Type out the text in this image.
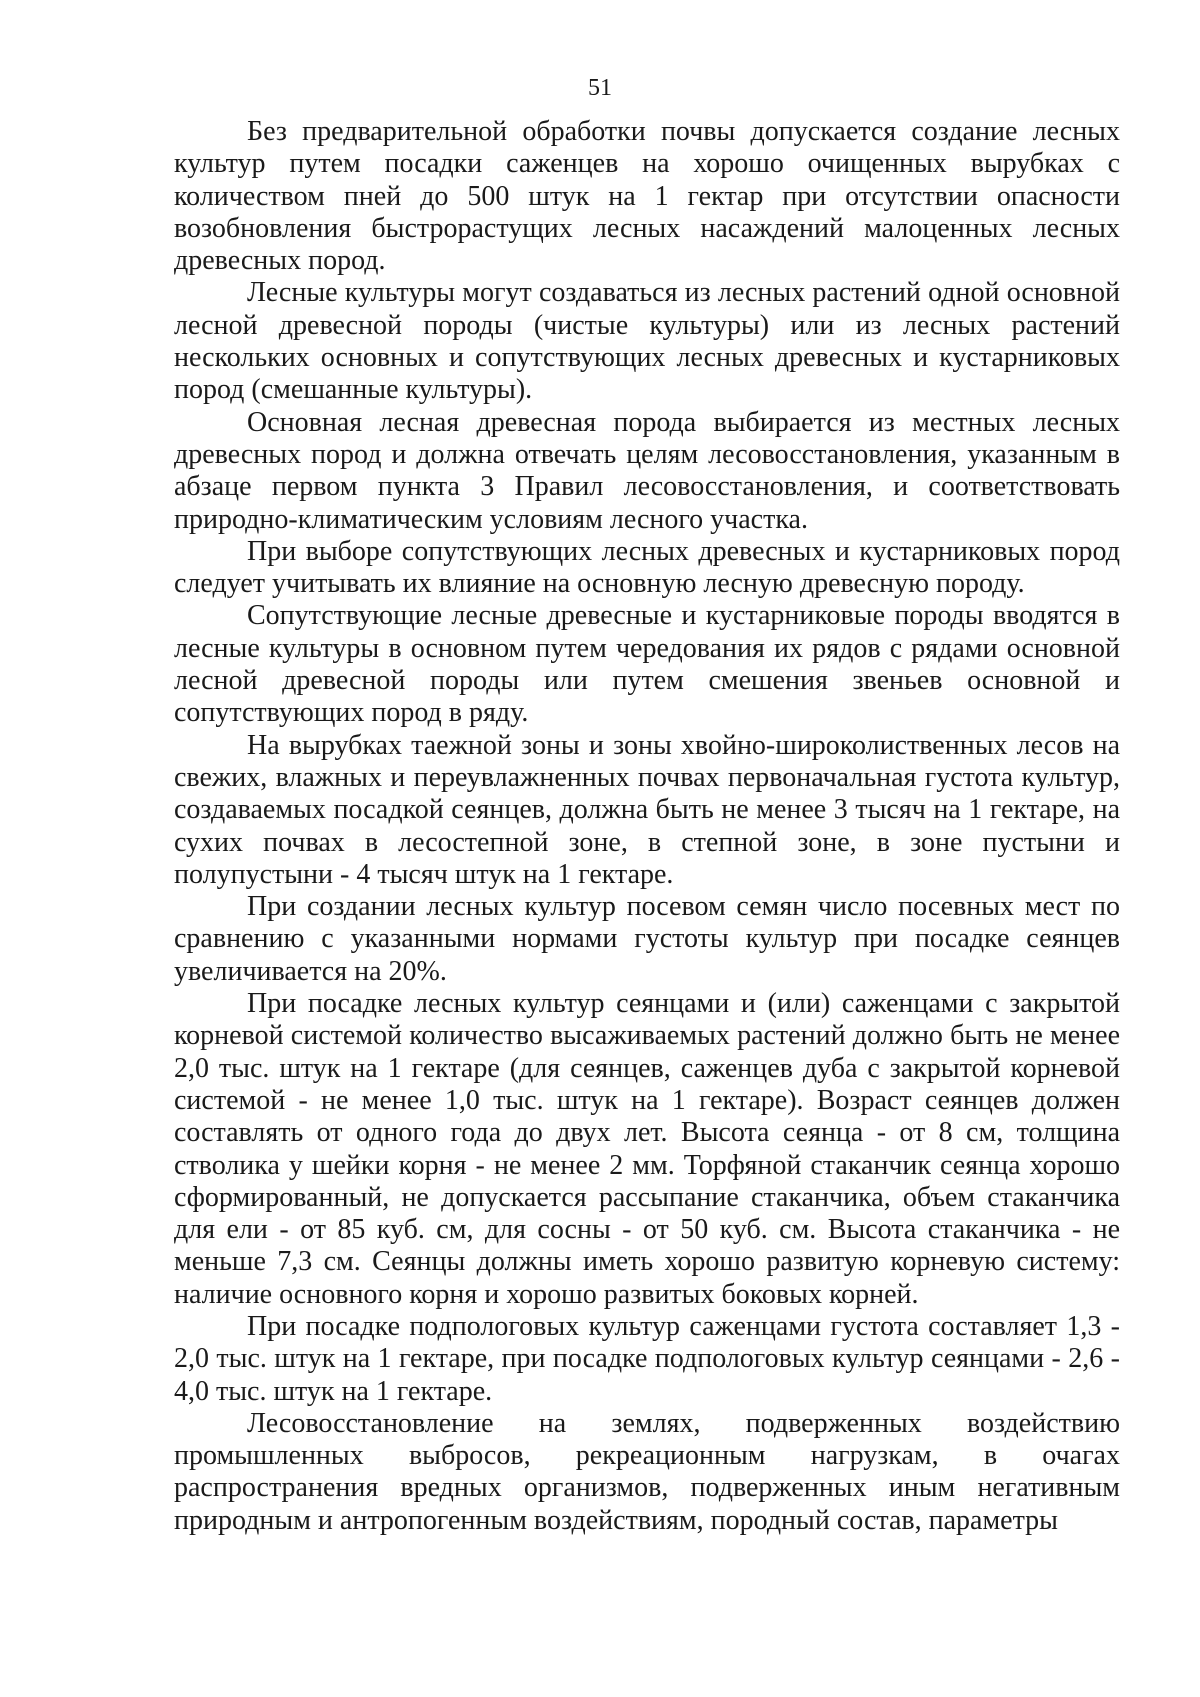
51

Без предварительной обработки почвы допускается создание лесных культур путем посадки саженцев на хорошо очищенных вырубках с количеством пней до 500 штук на 1 гектар при отсутствии опасности возобновления быстрорастущих лесных насаждений малоценных лесных древесных пород.

Лесные культуры могут создаваться из лесных растений одной основной лесной древесной породы (чистые культуры) или из лесных растений нескольких основных и сопутствующих лесных древесных и кустарниковых пород (смешанные культуры).

Основная лесная древесная порода выбирается из местных лесных древесных пород и должна отвечать целям лесовосстановления, указанным в абзаце первом пункта 3 Правил лесовосстановления, и соответствовать природно-климатическим условиям лесного участка.

При выборе сопутствующих лесных древесных и кустарниковых пород следует учитывать их влияние на основную лесную древесную породу.

Сопутствующие лесные древесные и кустарниковые породы вводятся в лесные культуры в основном путем чередования их рядов с рядами основной лесной древесной породы или путем смешения звеньев основной и сопутствующих пород в ряду.

На вырубках таежной зоны и зоны хвойно-широколиственных лесов на свежих, влажных и переувлажненных почвах первоначальная густота культур, создаваемых посадкой сеянцев, должна быть не менее 3 тысяч на 1 гектаре, на сухих почвах в лесостепной зоне, в степной зоне, в зоне пустыни и полупустыни - 4 тысяч штук на 1 гектаре.

При создании лесных культур посевом семян число посевных мест по сравнению с указанными нормами густоты культур при посадке сеянцев увеличивается на 20%.

При посадке лесных культур сеянцами и (или) саженцами с закрытой корневой системой количество высаживаемых растений должно быть не менее 2,0 тыс. штук на 1 гектаре (для сеянцев, саженцев дуба с закрытой корневой системой - не менее 1,0 тыс. штук на 1 гектаре). Возраст сеянцев должен составлять от одного года до двух лет. Высота сеянца - от 8 см, толщина стволика у шейки корня - не менее 2 мм. Торфяной стаканчик сеянца хорошо сформированный, не допускается рассыпание стаканчика, объем стаканчика для ели - от 85 куб. см, для сосны - от 50 куб. см. Высота стаканчика - не меньше 7,3 см. Сеянцы должны иметь хорошо развитую корневую систему: наличие основного корня и хорошо развитых боковых корней.

При посадке подпологовых культур саженцами густота составляет 1,3 - 2,0 тыс. штук на 1 гектаре, при посадке подпологовых культур сеянцами - 2,6 - 4,0 тыс. штук на 1 гектаре.

Лесовосстановление на землях, подверженных воздействию промышленных выбросов, рекреационным нагрузкам, в очагах распространения вредных организмов, подверженных иным негативным природным и антропогенным воздействиям, породный состав, параметры
